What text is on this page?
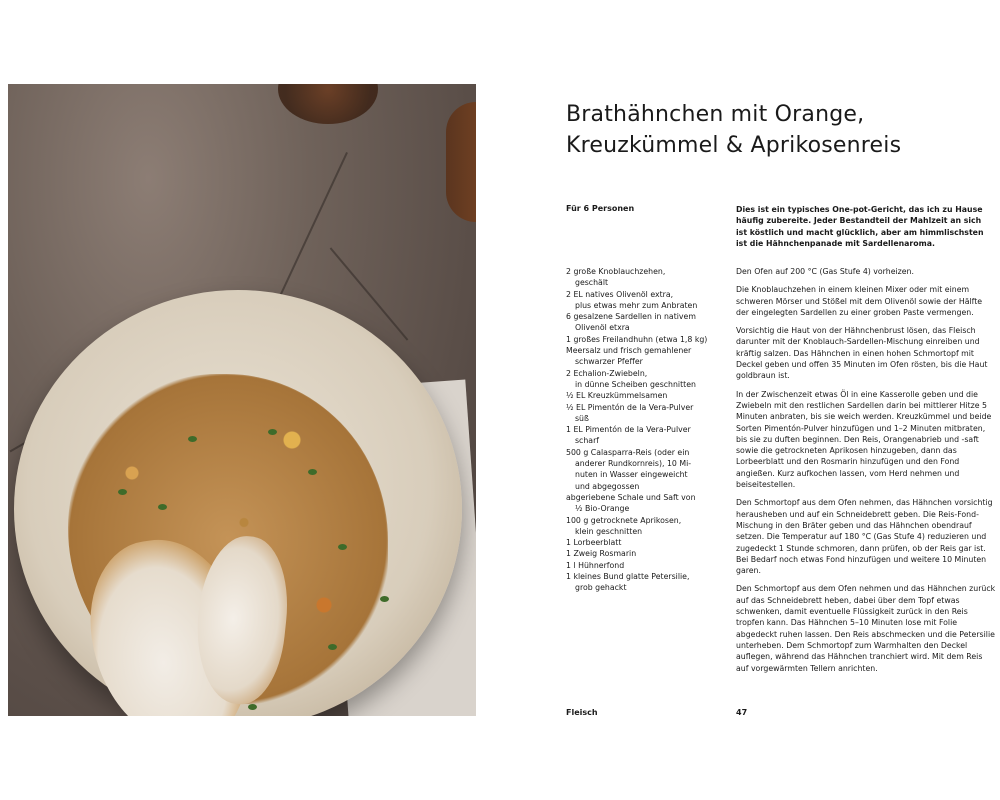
Brathähnchen mit Orange,
Kreuzkümmel & Aprikosenreis
Für 6 Personen	Dies ist ein typisches One-pot-Gericht, das ich zu Hause häufig zubereite. Jeder Bestandteil der Mahlzeit an sich ist köstlich und macht glücklich, aber am himmlischsten ist die Hähnchenpanade mit Sardellenaroma.

2 große Knoblauchzehen,
geschält
2 EL natives Olivenöl extra,
plus etwas mehr zum Anbraten
6 gesalzene Sardellen in nativem
Olivenöl etxra
1 großes Freilandhuhn (etwa 1,8 kg)
Meersalz und frisch gemahlener
schwarzer Pfeffer
2 Echalion-Zwiebeln,
in dünne Scheiben geschnitten
½ EL Kreuzkümmelsamen
½ EL Pimentón de la Vera-Pulver
süß
1 EL Pimentón de la Vera-Pulver
scharf
500 g Calasparra-Reis (oder ein
anderer Rundkornreis), 10 Mi-
nuten in Wasser eingeweicht
und abgegossen
abgeriebene Schale und Saft von
½ Bio-Orange
100 g getrocknete Aprikosen,
klein geschnitten
1 Lorbeerblatt
1 Zweig Rosmarin
1 l Hühnerfond
1 kleines Bund glatte Petersilie,
grob gehackt

Den Ofen auf 200 °C (Gas Stufe 4) vorheizen.

Die Knoblauchzehen in einem kleinen Mixer oder mit einem schweren Mörser und Stößel mit dem Olivenöl sowie der Hälfte der eingelegten Sardellen zu einer groben Paste vermengen.

Vorsichtig die Haut von der Hähnchenbrust lösen, das Fleisch darunter mit der Knoblauch-Sardellen-Mischung einreiben und kräftig salzen. Das Hähnchen in einen hohen Schmortopf mit Deckel geben und offen 35 Minuten im Ofen rösten, bis die Haut goldbraun ist.

In der Zwischenzeit etwas Öl in eine Kasserolle geben und die Zwiebeln mit den restlichen Sardellen darin bei mittlerer Hitze 5 Minuten anbraten, bis sie weich werden. Kreuzkümmel und beide Sorten Pimentón-Pulver hinzufügen und 1–2 Minuten mitbraten, bis sie zu duften beginnen. Den Reis, Orangenabrieb und -saft sowie die getrockneten Aprikosen hinzugeben, dann das Lorbeerblatt und den Rosmarin hinzufügen und den Fond angießen. Kurz aufkochen lassen, vom Herd nehmen und beiseitestellen.

Den Schmortopf aus dem Ofen nehmen, das Hähnchen vorsichtig herausheben und auf ein Schneidebrett geben. Die Reis-Fond-Mischung in den Bräter geben und das Hähnchen obendrauf setzen. Die Temperatur auf 180 °C (Gas Stufe 4) reduzieren und zugedeckt 1 Stunde schmoren, dann prüfen, ob der Reis gar ist. Bei Bedarf noch etwas Fond hinzufügen und weitere 10 Minuten garen.

Den Schmortopf aus dem Ofen nehmen und das Hähnchen zurück auf das Schneidebrett heben, dabei über dem Topf etwas schwenken, damit eventuelle Flüssigkeit zurück in den Reis tropfen kann. Das Hähnchen 5–10 Minuten lose mit Folie abgedeckt ruhen lassen. Den Reis abschmecken und die Petersilie unterheben. Dem Schmortopf zum Warmhalten den Deckel auflegen, während das Hähnchen tranchiert wird. Mit dem Reis auf vorgewärmten Tellern anrichten.

Fleisch	47
